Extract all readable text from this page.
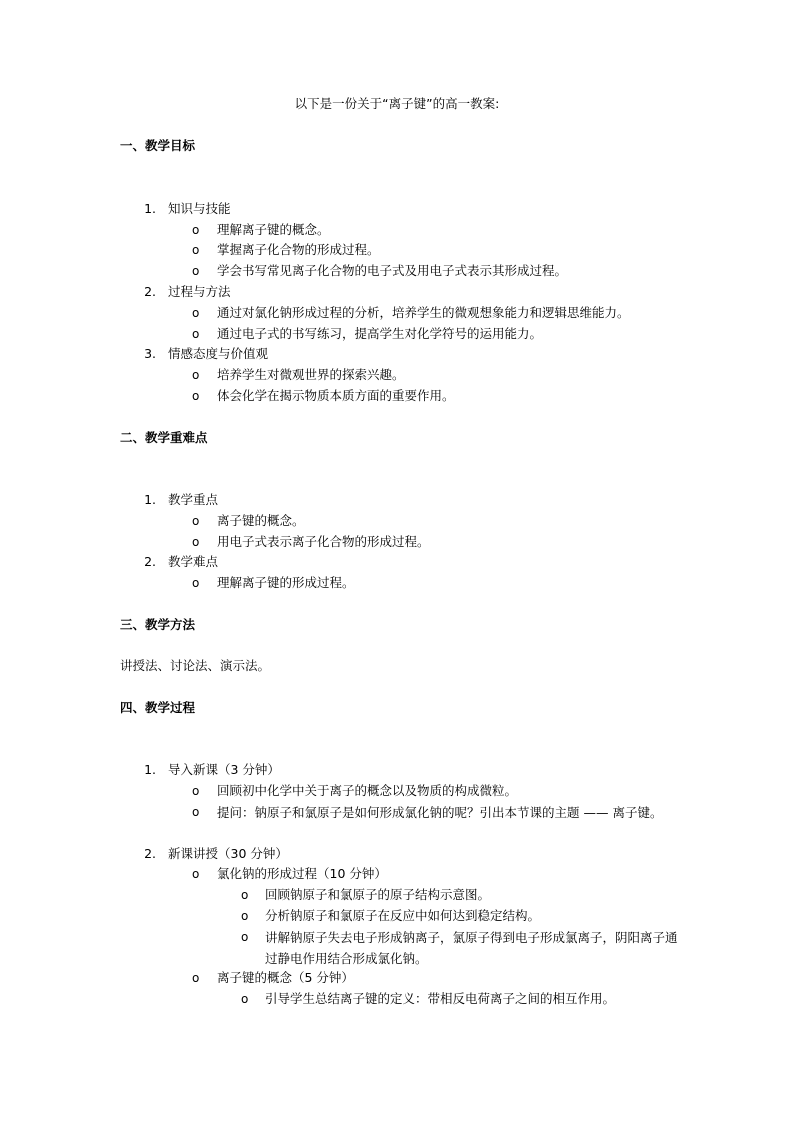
以下是一份关于“离子键”的高一教案:
一、教学目标
1. 知识与技能
o 理解离子键的概念。
o 掌握离子化合物的形成过程。
o 学会书写常见离子化合物的电子式及用电子式表示其形成过程。
2. 过程与方法
o 通过对氯化钠形成过程的分析，培养学生的微观想象能力和逻辑思维能力。
o 通过电子式的书写练习，提高学生对化学符号的运用能力。
3. 情感态度与价值观
o 培养学生对微观世界的探索兴趣。
o 体会化学在揭示物质本质方面的重要作用。
二、教学重难点
1. 教学重点
o 离子键的概念。
o 用电子式表示离子化合物的形成过程。
2. 教学难点
o 理解离子键的形成过程。
三、教学方法
讲授法、讨论法、演示法。
四、教学过程
1. 导入新课（3 分钟）
o 回顾初中化学中关于离子的概念以及物质的构成微粒。
o 提问：钠原子和氯原子是如何形成氯化钠的呢？引出本节课的主题 —— 离子键。
2. 新课讲授（30 分钟）
o 氯化钠的形成过程（10 分钟）
o 回顾钠原子和氯原子的原子结构示意图。
o 分析钠原子和氯原子在反应中如何达到稳定结构。
o 讲解钠原子失去电子形成钠离子，氯原子得到电子形成氯离子，阴阳离子通过静电作用结合形成氯化钠。
o 离子键的概念（5 分钟）
o 引导学生总结离子键的定义：带相反电荷离子之间的相互作用。
